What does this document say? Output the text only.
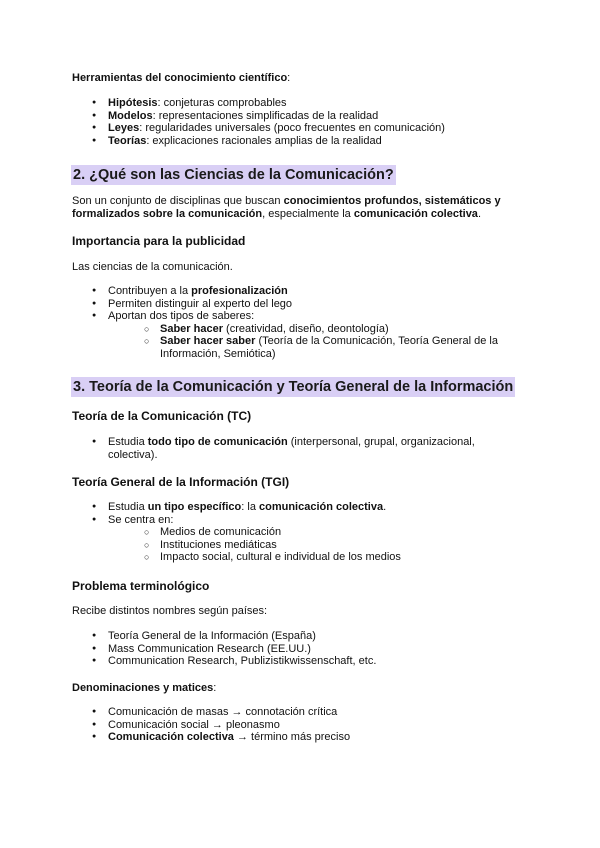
Herramientas del conocimiento científico:
● Hipótesis: conjeturas comprobables
● Modelos: representaciones simplificadas de la realidad
● Leyes: regularidades universales (poco frecuentes en comunicación)
● Teorías: explicaciones racionales amplias de la realidad
2. ¿Qué son las Ciencias de la Comunicación?
Son un conjunto de disciplinas que buscan conocimientos profundos, sistemáticos y formalizados sobre la comunicación, especialmente la comunicación colectiva.
Importancia para la publicidad
Las ciencias de la comunicación.
● Contribuyen a la profesionalización
● Permiten distinguir al experto del lego
● Aportan dos tipos de saberes:
○ Saber hacer (creatividad, diseño, deontología)
○ Saber hacer saber (Teoría de la Comunicación, Teoría General de la Información, Semiótica)
3. Teoría de la Comunicación y Teoría General de la Información
Teoría de la Comunicación (TC)
● Estudia todo tipo de comunicación (interpersonal, grupal, organizacional, colectiva).
Teoría General de la Información (TGI)
● Estudia un tipo específico: la comunicación colectiva.
● Se centra en:
○ Medios de comunicación
○ Instituciones mediáticas
○ Impacto social, cultural e individual de los medios
Problema terminológico
Recibe distintos nombres según países:
● Teoría General de la Información (España)
● Mass Communication Research (EE.UU.)
● Communication Research, Publizistikwissenschaft, etc.
Denominaciones y matices:
● Comunicación de masas → connotación crítica
● Comunicación social → pleonasmo
● Comunicación colectiva → término más preciso
